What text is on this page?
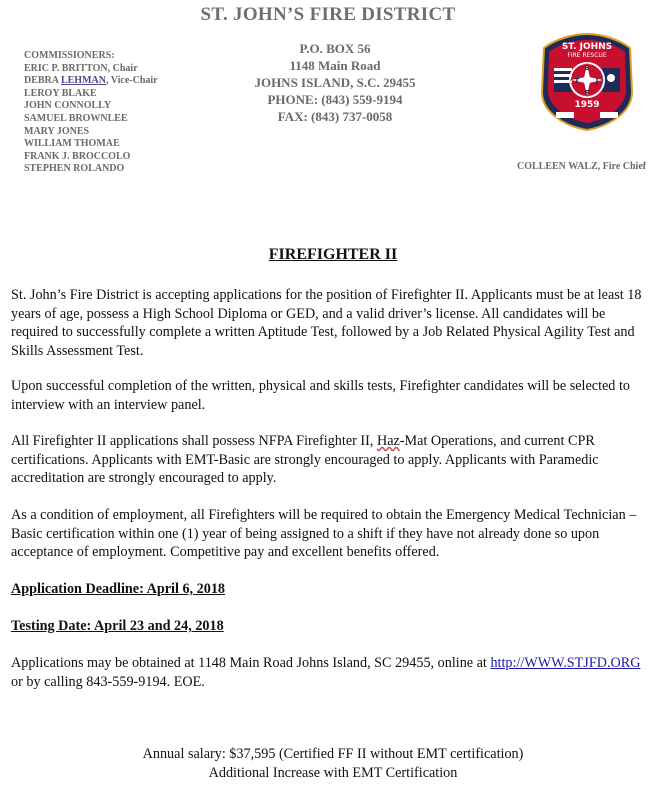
ST. JOHN’S FIRE DISTRICT
COMMISSIONERS:
ERIC P. BRITTON, Chair
DEBRA LEHMAN, Vice-Chair
LEROY BLAKE
JOHN CONNOLLY
SAMUEL BROWNLEE
MARY JONES
WILLIAM THOMAE
FRANK J. BROCCOLO
STEPHEN ROLANDO
P.O. BOX 56
1148 Main Road
JOHNS ISLAND, S.C. 29455
PHONE: (843) 559-9194
FAX: (843) 737-0058
ST. JOHNS
FIRE RESCUE
S
T J
F
1959
COLLEEN WALZ, Fire Chief
FIREFIGHTER II
St. John’s Fire District is accepting applications for the position of Firefighter II. Applicants must be at least 18 years of age, possess a High School Diploma or GED, and a valid driver’s license. All candidates will be required to successfully complete a written Aptitude Test, followed by a Job Related Physical Agility Test and Skills Assessment Test.
Upon successful completion of the written, physical and skills tests, Firefighter candidates will be selected to interview with an interview panel.
All Firefighter II applications shall possess NFPA Firefighter II, Haz-Mat Operations, and current CPR certifications. Applicants with EMT-Basic are strongly encouraged to apply. Applicants with Paramedic accreditation are strongly encouraged to apply.
As a condition of employment, all Firefighters will be required to obtain the Emergency Medical Technician – Basic certification within one (1) year of being assigned to a shift if they have not already done so upon acceptance of employment. Competitive pay and excellent benefits offered.
Application Deadline: April 6, 2018
Testing Date: April 23 and 24, 2018
Applications may be obtained at 1148 Main Road Johns Island, SC 29455, online at http://WWW.STJFD.ORG or by calling 843-559-9194. EOE.
Annual salary: $37,595 (Certified FF II without EMT certification)
Additional Increase with EMT Certification
